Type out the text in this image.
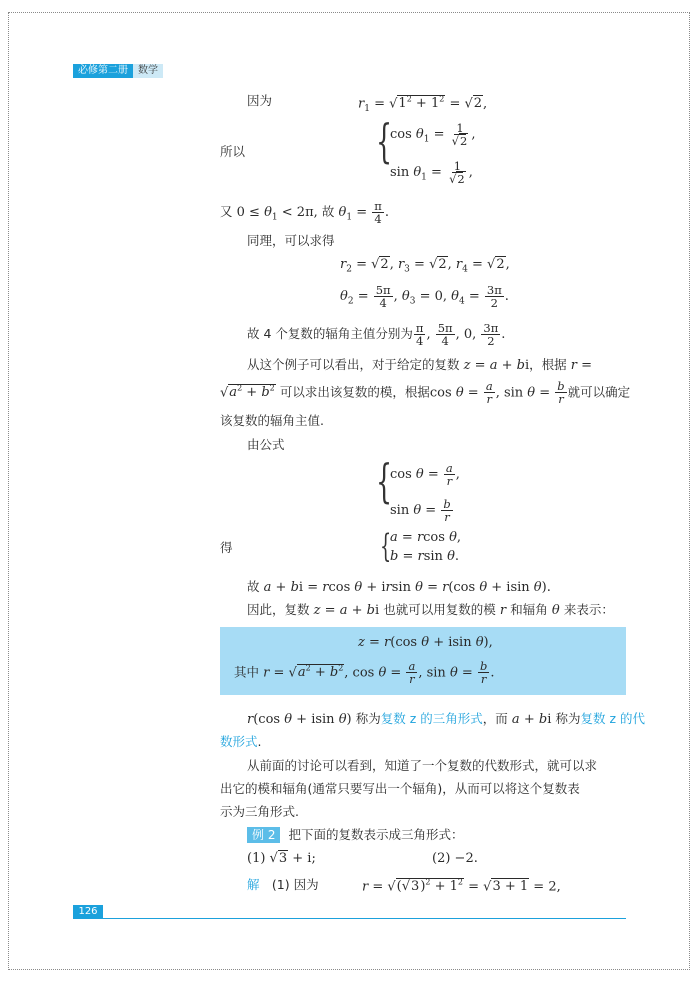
必修第二册	数学
因为	$r_1 = √1^2 + 1^2 = √2$,
所以	{
$\cos \theta_1 = \frac{1}{√2}$ ,
$\sin \theta_1 = \frac{1}{√2}$ ,
又 $0 \le \theta_1 < 2\pi$, 故 $\theta_1 = \frac{\pi}{4}$ .
同理，可以求得
$r_2 = √2$, $r_3 = √2$, $r_4 = √2$,
$\theta_2 = \frac{5\pi}{4}$ , $\theta_3 = 0$, $\theta_4 = \frac{3\pi}{2}$ .
故 4 个复数的辐角主值分别为 $\frac{\pi}{4}$ , $\frac{5\pi}{4}$ , 0, $\frac{3\pi}{2}$ .
从这个例子可以看出，对于给定的复数 z = a + bi，根据 r =
$√a^2 + b^2$ 可以求出该复数的模，根据$\cos \theta = \frac{a}{r}$ , $\sin \theta = \frac{b}{r}$ 就可以确定
该复数的辐角主值.
由公式
{
$\cos \theta = \frac{a}{r}$ ,
$\sin \theta = \frac{b}{r}$
得	{
a = rcos θ,
b = rsin θ.
故 a + bi = rcos θ + irsin θ = r(cos θ + isin θ).
因此，复数 z = a + bi 也就可以用复数的模 r 和辐角 θ 来表示：
z = r(cos θ + isin θ),
其中 $r = √a^2 + b^2$, $\cos \theta = \frac{a}{r}$ , $\sin \theta = \frac{b}{r}$ .
r(cos θ + isin θ) 称为复数 z 的三角形式，而 a + bi 称为复数 z 的代
数形式.
从前面的讨论可以看到，知道了一个复数的代数形式，就可以求
出它的模和辐角(通常只要写出一个辐角)，从而可以将这个复数表
示为三角形式.
例 2 把下面的复数表示成三角形式：
(1) √3 + i;	(2) −2.
解 (1) 因为	$r = √(√3)^2 + 1^2 = √3 + 1 = 2$,
126
